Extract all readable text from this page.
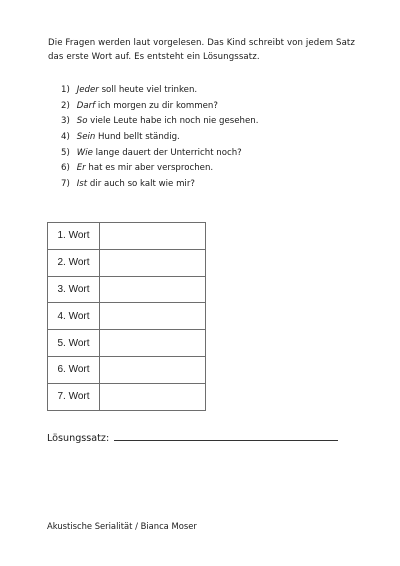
Die Fragen werden laut vorgelesen. Das Kind schreibt von jedem Satz
das erste Wort auf. Es entsteht ein Lösungssatz.
1) Jeder soll heute viel trinken.
2) Darf ich morgen zu dir kommen?
3) So viele Leute habe ich noch nie gesehen.
4) Sein Hund bellt ständig.
5) Wie lange dauert der Unterricht noch?
6) Er hat es mir aber versprochen.
7) Ist dir auch so kalt wie mir?
1. Wort	
2. Wort	
3. Wort	
4. Wort	
5. Wort	
6. Wort	
7. Wort	
Lösungssatz:
Akustische Serialität / Bianca Moser
